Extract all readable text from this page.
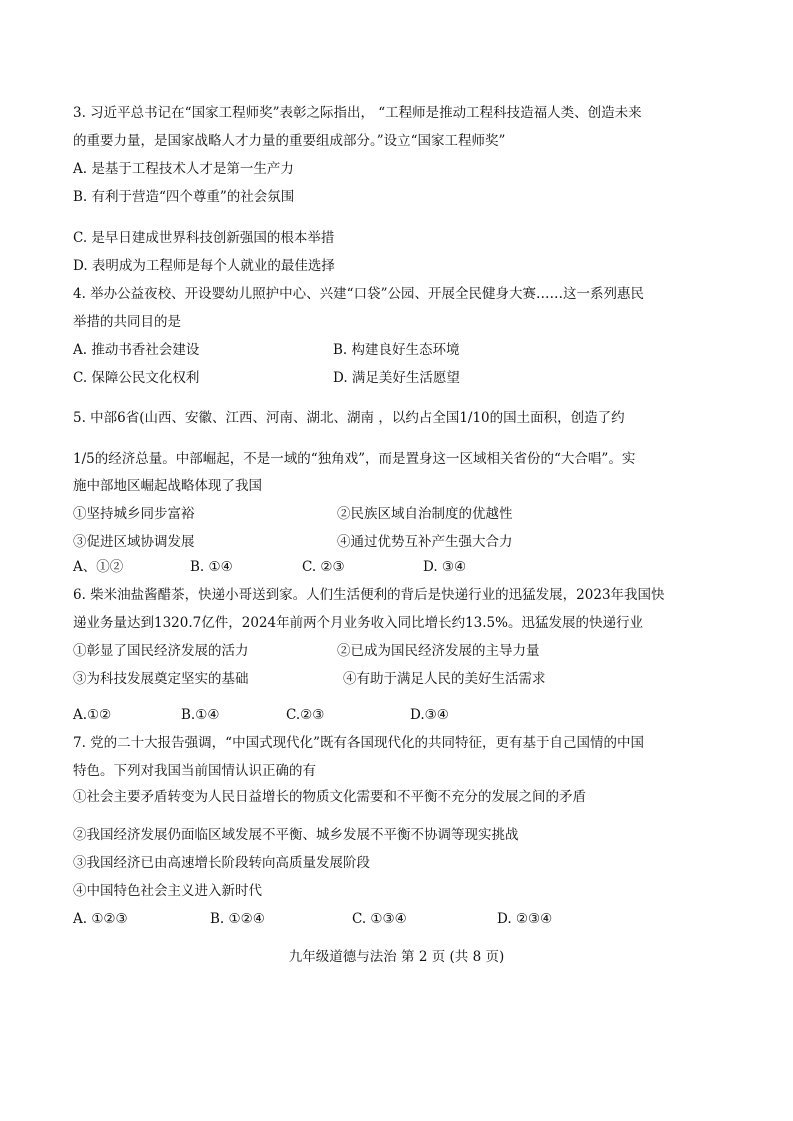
3. 习近平总书记在“国家工程师奖”表彰之际指出， “工程师是推动工程科技造福人类、创造未来
的重要力量，是国家战略人才力量的重要组成部分。”设立“国家工程师奖”
A. 是基于工程技术人才是第一生产力
B. 有利于营造“四个尊重”的社会氛围
C. 是早日建成世界科技创新强国的根本举措
D. 表明成为工程师是每个人就业的最佳选择
4. 举办公益夜校、开设婴幼儿照护中心、兴建“口袋”公园、开展全民健身大赛……这一系列惠民
举措的共同目的是
A. 推动书香社会建设	B. 构建良好生态环境
C. 保障公民文化权利	D. 满足美好生活愿望
5. 中部6省(山西、安徽、江西、河南、湖北、湖南 ，以约占全国1/10的国土面积，创造了约
1/5的经济总量。中部崛起，不是一域的“独角戏”，而是置身这一区域相关省份的“大合唱”。实
施中部地区崛起战略体现了我国
①坚持城乡同步富裕	②民族区域自治制度的优越性
③促进区域协调发展	④通过优势互补产生强大合力
A、①②	B. ①④	C. ②③	D. ③④
6. 柴米油盐酱醋茶，快递小哥送到家。人们生活便利的背后是快递行业的迅猛发展，2023年我国快
递业务量达到1320.7亿件，2024年前两个月业务收入同比增长约13.5%。迅猛发展的快递行业
①彰显了国民经济发展的活力	②已成为国民经济发展的主导力量
③为科技发展奠定坚实的基础	④有助于满足人民的美好生活需求
A.①②	B.①④	C.②③	D.③④
7. 党的二十大报告强调，“中国式现代化”既有各国现代化的共同特征，更有基于自己国情的中国
特色。下列对我国当前国情认识正确的有
①社会主要矛盾转变为人民日益增长的物质文化需要和不平衡不充分的发展之间的矛盾
②我国经济发展仍面临区域发展不平衡、城乡发展不平衡不协调等现实挑战
③我国经济已由高速增长阶段转向高质量发展阶段
④中国特色社会主义进入新时代
A. ①②③	B. ①②④	C. ①③④	D. ②③④
九年级道德与法治 第 2 页 (共 8 页)
